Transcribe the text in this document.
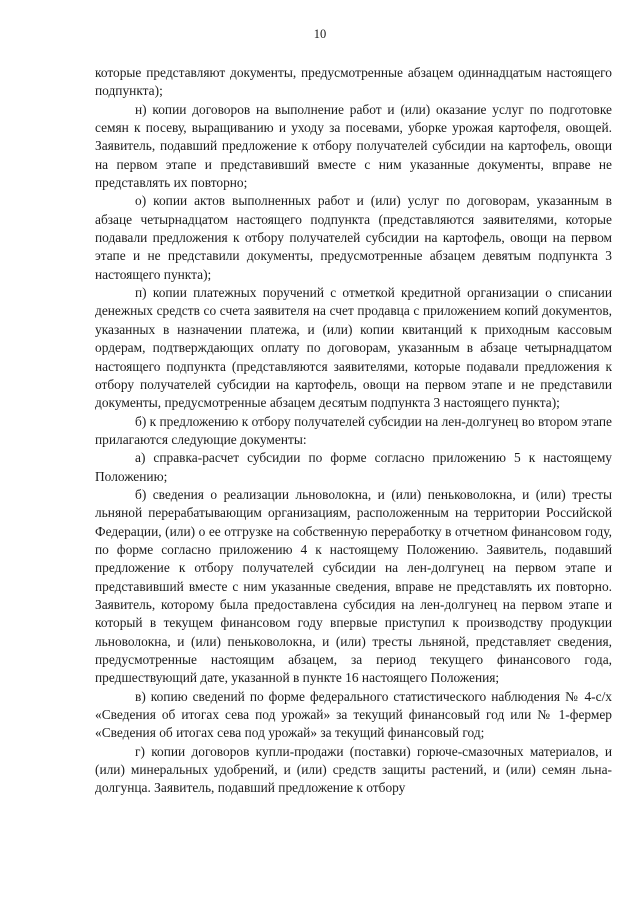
10

которые представляют документы, предусмотренные абзацем одиннадцатым настоящего подпункта);

н) копии договоров на выполнение работ и (или) оказание услуг по подготовке семян к посеву, выращиванию и уходу за посевами, уборке урожая картофеля, овощей. Заявитель, подавший предложение к отбору получателей субсидии на картофель, овощи на первом этапе и представивший вместе с ним указанные документы, вправе не представлять их повторно;

о) копии актов выполненных работ и (или) услуг по договорам, указанным в абзаце четырнадцатом настоящего подпункта (представляются заявителями, которые подавали предложения к отбору получателей субсидии на картофель, овощи на первом этапе и не представили документы, предусмотренные абзацем девятым подпункта 3 настоящего пункта);

п) копии платежных поручений с отметкой кредитной организации о списании денежных средств со счета заявителя на счет продавца с приложением копий документов, указанных в назначении платежа, и (или) копии квитанций к приходным кассовым ордерам, подтверждающих оплату по договорам, указанным в абзаце четырнадцатом настоящего подпункта (представляются заявителями, которые подавали предложения к отбору получателей субсидии на картофель, овощи на первом этапе и не представили документы, предусмотренные абзацем десятым подпункта 3 настоящего пункта);

б) к предложению к отбору получателей субсидии на лен-долгунец во втором этапе прилагаются следующие документы:

а) справка-расчет субсидии по форме согласно приложению 5 к настоящему Положению;

б) сведения о реализации льноволокна, и (или) пеньковолокна, и (или) тресты льняной перерабатывающим организациям, расположенным на территории Российской Федерации, (или) о ее отгрузке на собственную переработку в отчетном финансовом году, по форме согласно приложению 4 к настоящему Положению. Заявитель, подавший предложение к отбору получателей субсидии на лен-долгунец на первом этапе и представивший вместе с ним указанные сведения, вправе не представлять их повторно. Заявитель, которому была предоставлена субсидия на лен-долгунец на первом этапе и который в текущем финансовом году впервые приступил к производству продукции льноволокна, и (или) пеньковолокна, и (или) тресты льняной, представляет сведения, предусмотренные настоящим абзацем, за период текущего финансового года, предшествующий дате, указанной в пункте 16 настоящего Положения;

в) копию сведений по форме федерального статистического наблюдения № 4-с/х «Сведения об итогах сева под урожай» за текущий финансовый год или № 1-фермер «Сведения об итогах сева под урожай» за текущий финансовый год;

г) копии договоров купли-продажи (поставки) горюче-смазочных материалов, и (или) минеральных удобрений, и (или) средств защиты растений, и (или) семян льна-долгунца. Заявитель, подавший предложение к отбору
